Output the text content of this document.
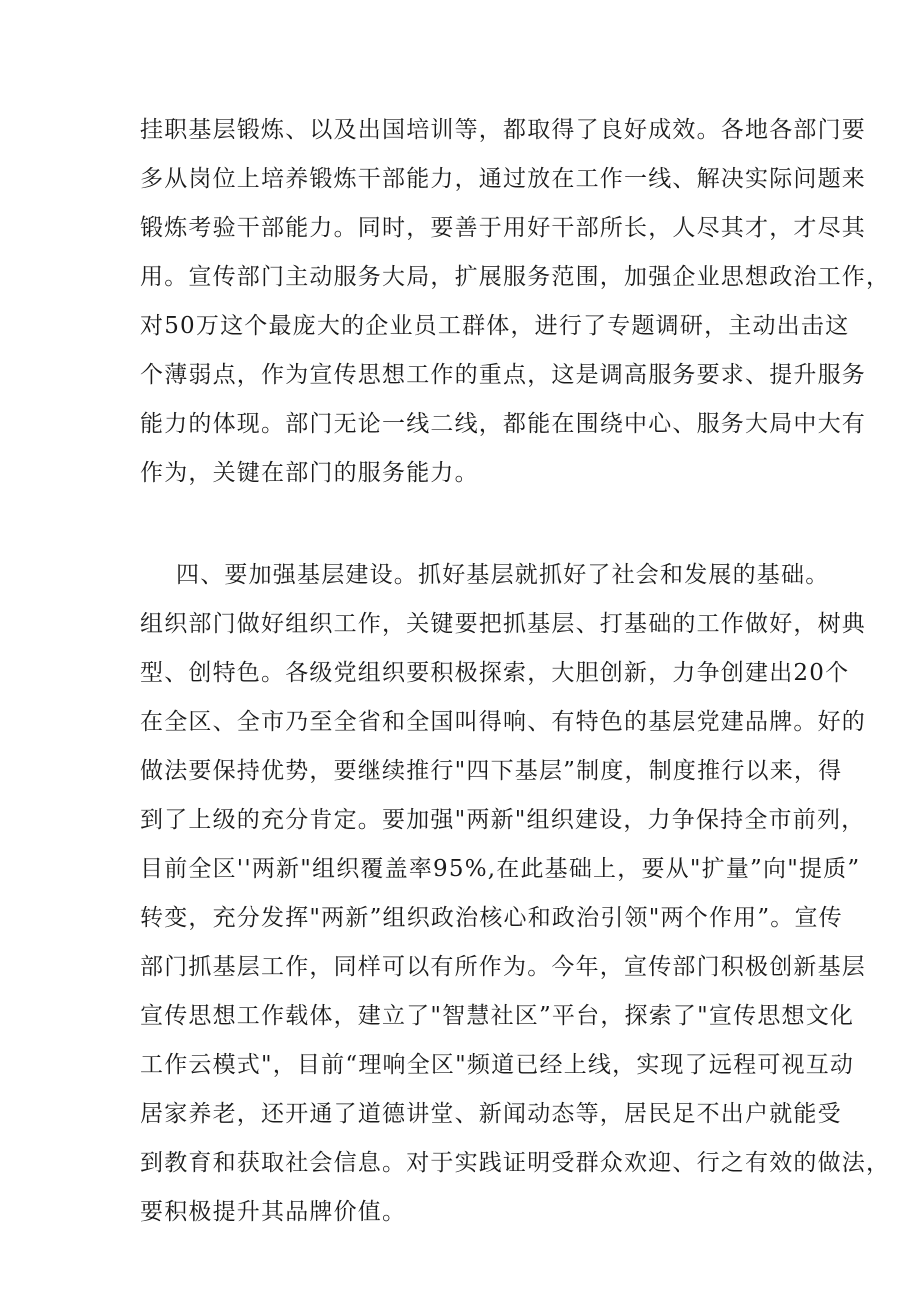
挂职基层锻炼、以及出国培训等，都取得了良好成效。各地各部门要
多从岗位上培养锻炼干部能力，通过放在工作一线、解决实际问题来
锻炼考验干部能力。同时，要善于用好干部所长，人尽其才，才尽其
用。宣传部门主动服务大局，扩展服务范围，加强企业思想政治工作，
对50万这个最庞大的企业员工群体，进行了专题调研，主动出击这
个薄弱点，作为宣传思想工作的重点，这是调高服务要求、提升服务
能力的体现。部门无论一线二线，都能在围绕中心、服务大局中大有
作为，关键在部门的服务能力。
四、要加强基层建设。抓好基层就抓好了社会和发展的基础。
组织部门做好组织工作，关键要把抓基层、打基础的工作做好，树典
型、创特色。各级党组织要积极探索，大胆创新，力争创建出20个
在全区、全市乃至全省和全国叫得响、有特色的基层党建品牌。好的
做法要保持优势，要继续推行"四下基层”制度，制度推行以来，得
到了上级的充分肯定。要加强"两新"组织建设，力争保持全市前列，
目前全区''两新"组织覆盖率95%,在此基础上，要从"扩量”向"提质”
转变，充分发挥"两新”组织政治核心和政治引领"两个作用”。宣传
部门抓基层工作，同样可以有所作为。今年，宣传部门积极创新基层
宣传思想工作载体，建立了"智慧社区”平台，探索了"宣传思想文化
工作云模式"，目前“理响全区"频道已经上线，实现了远程可视互动
居家养老，还开通了道德讲堂、新闻动态等，居民足不出户就能受
到教育和获取社会信息。对于实践证明受群众欢迎、行之有效的做法，
要积极提升其品牌价值。
